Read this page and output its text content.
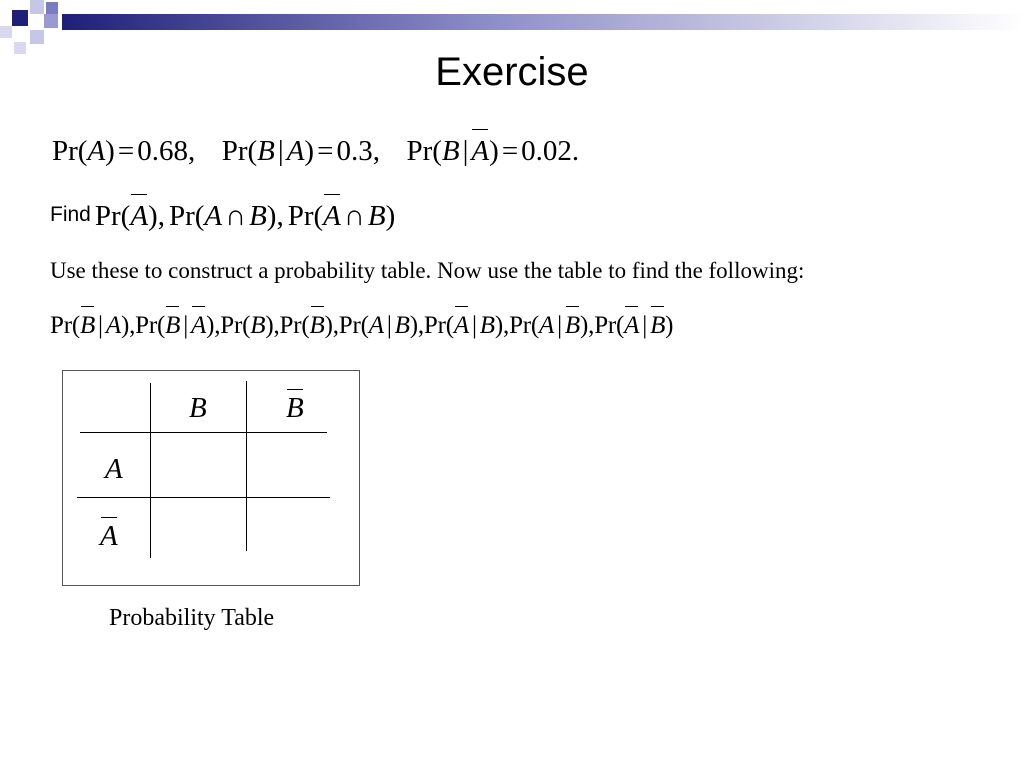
Exercise
Pr(A) = 0.68, Pr(B | A) = 0.3, Pr(B | A) = 0.02.
Find Pr(A), Pr(A ∩ B), Pr(A ∩ B)
Use these to construct a probability table. Now use the table to find the following:
Pr(B | A),Pr(B | A),Pr(B),Pr(B),Pr(A | B),Pr(A | B),Pr(A | B),Pr(A | B)
B	B
A
A
Probability Table
